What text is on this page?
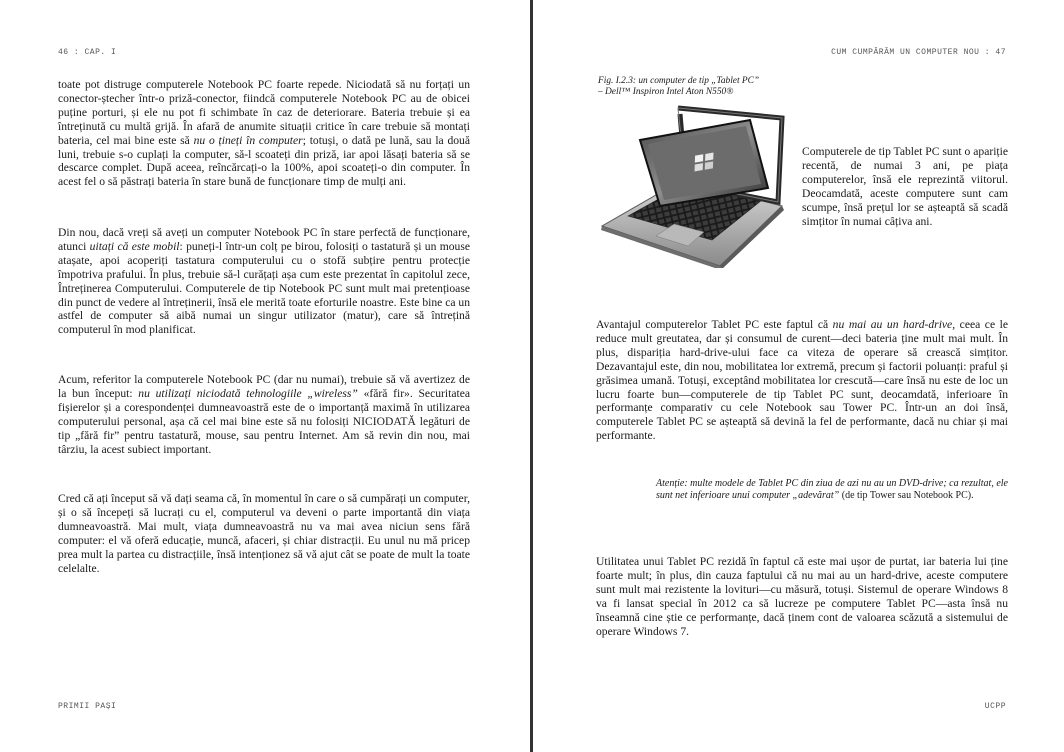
46 : CAP. I

toate pot distruge computerele Notebook PC foarte repede. Niciodată să nu forțați un conector-ștecher într-o priză-conector, fiindcă computerele Notebook PC au de obicei puține porturi, și ele nu pot fi schimbate în caz de deteriorare. Bateria trebuie și ea întreținută cu multă grijă. În afară de anumite situații critice în care trebuie să montați bateria, cel mai bine este să nu o țineți în computer; totuși, o dată pe lună, sau la două luni, trebuie s-o cuplați la computer, să-l scoateți din priză, iar apoi lăsați bateria să se descarce complet. După aceea, reîncărcați-o la 100%, apoi scoateți-o din computer. În acest fel o să păstrați bateria în stare bună de funcționare timp de mulți ani.

Din nou, dacă vreți să aveți un computer Notebook PC în stare perfectă de funcționare, atunci uitați că este mobil: puneți-l într-un colț pe birou, folosiți o tastatură și un mouse atașate, apoi acoperiți tastatura computerului cu o stofă subțire pentru protecție împotriva prafului. În plus, trebuie să-l curățați așa cum este prezentat în capitolul zece, Întreținerea Computerului. Computerele de tip Notebook PC sunt mult mai pretențioase din punct de vedere al întreținerii, însă ele merită toate eforturile noastre. Este bine ca un astfel de computer să aibă numai un singur utilizator (matur), care să întrețină computerul în mod planificat.

Acum, referitor la computerele Notebook PC (dar nu numai), trebuie să vă avertizez de la bun început: nu utilizați niciodată tehnologiile „wireless” «fără fir». Securitatea fișierelor și a corespondenței dumneavoastră este de o importanță maximă în utilizarea computerului personal, așa că cel mai bine este să nu folosiți NICIODATĂ legături de tip „fără fir” pentru tastatură, mouse, sau pentru Internet. Am să revin din nou, mai târziu, la acest subiect important.

Cred că ați început să vă dați seama că, în momentul în care o să cumpărați un computer, și o să începeți să lucrați cu el, computerul va deveni o parte importantă din viața dumneavoastră. Mai mult, viața dumneavoastră nu va mai avea niciun sens fără computer: el vă oferă educație, muncă, afaceri, și chiar distracții. Eu unul nu mă pricep prea mult la partea cu distracțiile, însă intenționez să vă ajut cât se poate de mult la toate celelalte.

PRIMII PAȘI
CUM CUMPĂRĂM UN COMPUTER NOU : 47
Fig. I.2.3: un computer de tip „Tablet PC”
– Dell™ Inspiron Intel Aton N550®

Computerele de tip Tablet PC sunt o apariție recentă, de numai 3 ani, pe piața computerelor, însă ele reprezintă viitorul. Deocamdată, aceste computere sunt cam scumpe, însă prețul lor se așteaptă să scadă simțitor în numai câțiva ani.

Avantajul computerelor Tablet PC este faptul că nu mai au un hard-drive, ceea ce le reduce mult greutatea, dar și consumul de curent—deci bateria ține mult mai mult. În plus, dispariția hard-drive-ului face ca viteza de operare să crească simțitor. Dezavantajul este, din nou, mobilitatea lor extremă, precum și factorii poluanți: praful și grăsimea umană. Totuși, exceptând mobilitatea lor crescută—care însă nu este de loc un lucru foarte bun—computerele de tip Tablet PC sunt, deocamdată, inferioare în performanțe comparativ cu cele Notebook sau Tower PC. Într-un an doi însă, computerele Tablet PC se așteaptă să devină la fel de performante, dacă nu chiar și mai performante.

Atenție: multe modele de Tablet PC din ziua de azi nu au un DVD-drive; ca rezultat, ele sunt net inferioare unui computer „adevărat” (de tip Tower sau Notebook PC).

Utilitatea unui Tablet PC rezidă în faptul că este mai ușor de purtat, iar bateria lui ține foarte mult; în plus, din cauza faptului că nu mai au un hard-drive, aceste computere sunt mult mai rezistente la lovituri—cu măsură, totuși. Sistemul de operare Windows 8 va fi lansat special în 2012 ca să lucreze pe computere Tablet PC—asta însă nu înseamnă cine știe ce performanțe, dacă ținem cont de valoarea scăzută a sistemului de operare Windows 7.

UCPP
